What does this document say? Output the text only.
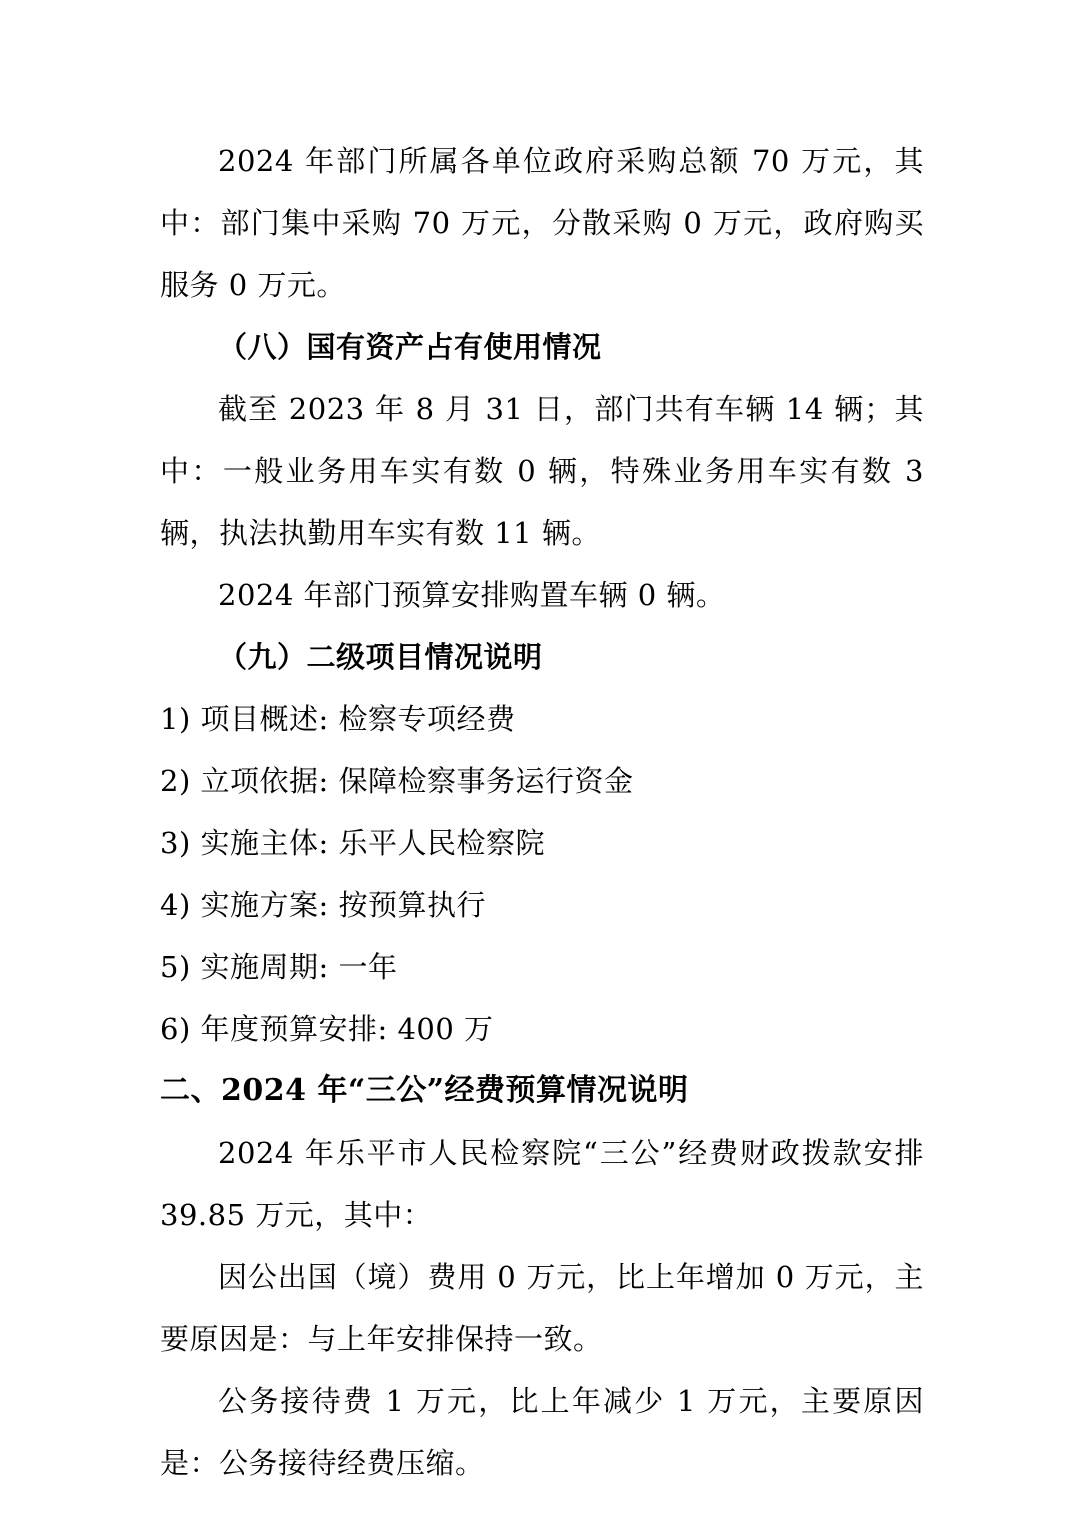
2024 年部门所属各单位政府采购总额 70 万元，其中：部门集中采购 70 万元，分散采购 0 万元，政府购买服务 0 万元。

（八）国有资产占有使用情况

截至 2023 年 8 月 31 日，部门共有车辆 14 辆；其中：一般业务用车实有数 0 辆，特殊业务用车实有数 3 辆，执法执勤用车实有数 11 辆。

2024 年部门预算安排购置车辆 0 辆。

（九）二级项目情况说明

1) 项目概述: 检察专项经费

2) 立项依据: 保障检察事务运行资金

3) 实施主体: 乐平人民检察院

4) 实施方案: 按预算执行

5) 实施周期: 一年

6) 年度预算安排: 400 万

二、2024 年“三公”经费预算情况说明

2024 年乐平市人民检察院“三公”经费财政拨款安排 39.85 万元，其中：

因公出国（境）费用 0 万元，比上年增加 0 万元，主要原因是：与上年安排保持一致。

公务接待费 1 万元，比上年减少 1 万元，主要原因是：公务接待经费压缩。
